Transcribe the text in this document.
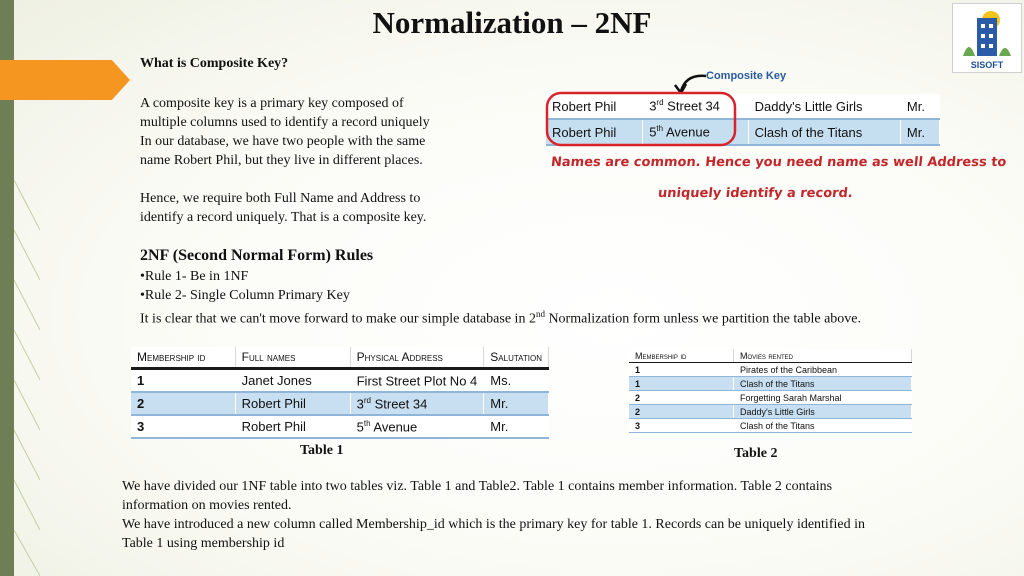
Normalization – 2NF
SISOFT
What is Composite Key?
A composite key is a primary key composed of
multiple columns used to identify a record uniquely
In our database, we have two people with the same
name Robert Phil, but they live in different places.
Hence, we require both Full Name and Address to
identify a record uniquely. That is a composite key.
Composite Key
Robert Phil	3rd Street 34	Daddy's Little Girls	Mr.
Robert Phil	5th Avenue	Clash of the Titans	Mr.
Names are common. Hence you need name as well Address to
uniquely identify a record.
2NF (Second Normal Form) Rules
•Rule 1- Be in 1NF
•Rule 2- Single Column Primary Key
It is clear that we can't move forward to make our simple database in 2nd Normalization form unless we partition the table above.
Membership id	Full names	Physical Address	Salutation
1	Janet Jones	First Street Plot No 4	Ms.
2	Robert Phil	3rd Street 34	Mr.
3	Robert Phil	5th Avenue	Mr.
Table 1
Membership id	Movies rented
1	Pirates of the Caribbean
1	Clash of the Titans
2	Forgetting Sarah Marshal
2	Daddy's Little Girls
3	Clash of the Titans
Table 2
We have divided our 1NF table into two tables viz. Table 1 and Table2. Table 1 contains member information. Table 2 contains
information on movies rented.
We have introduced a new column called Membership_id which is the primary key for table 1. Records can be uniquely identified in
Table 1 using membership id
